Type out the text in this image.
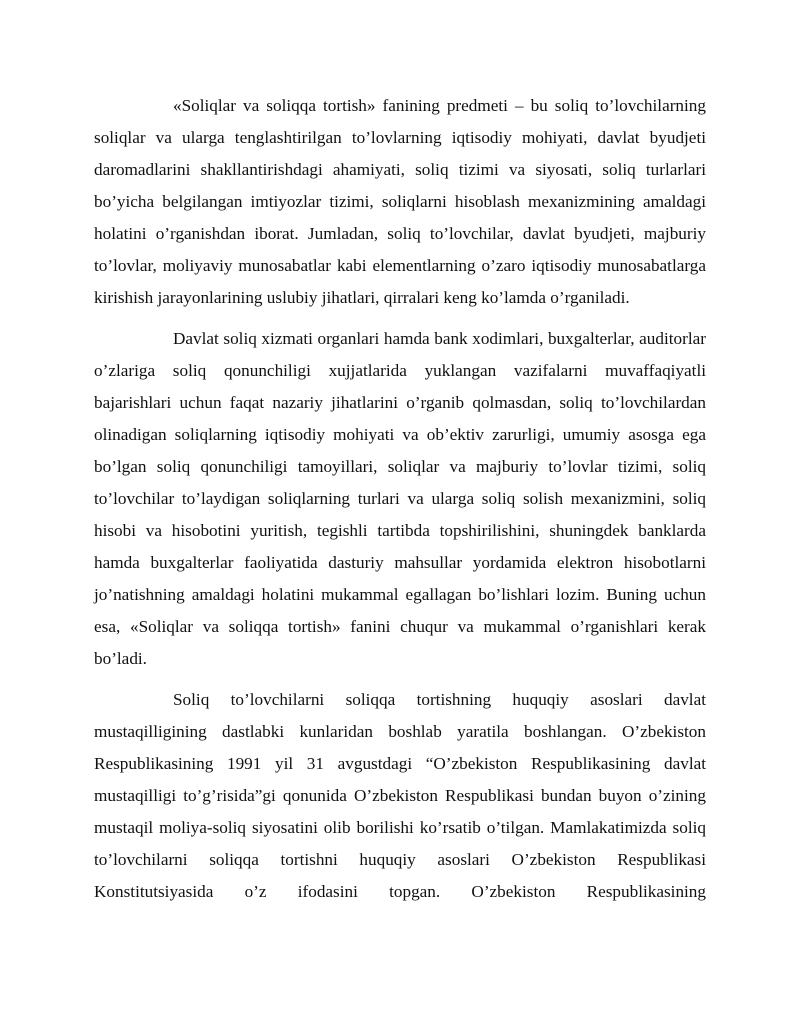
«Soliqlar va soliqqa tortish» fanining predmeti – bu soliq to’lovchilarning soliqlar va ularga tenglashtirilgan to’lovlarning iqtisodiy mohiyati, davlat byudjeti daromadlarini shakllantirishdagi ahamiyati, soliq tizimi va siyosati, soliq turlarlari bo’yicha belgilangan imtiyozlar tizimi, soliqlarni hisoblash mexanizmining amaldagi holatini o’rganishdan iborat. Jumladan, soliq to’lovchilar, davlat byudjeti, majburiy to’lovlar, moliyaviy munosabatlar kabi elementlarning o’zaro iqtisodiy munosabatlarga kirishish jarayonlarining uslubiy jihatlari, qirralari keng ko’lamda o’rganiladi.

Davlat soliq xizmati organlari hamda bank xodimlari, buxgalterlar, auditorlar o’zlariga soliq qonunchiligi xujjatlarida yuklangan vazifalarni muvaffaqiyatli bajarishlari uchun faqat nazariy jihatlarini o’rganib qolmasdan, soliq to’lovchilardan olinadigan soliqlarning iqtisodiy mohiyati va ob’ektiv zarurligi, umumiy asosga ega bo’lgan soliq qonunchiligi tamoyillari, soliqlar va majburiy to’lovlar tizimi, soliq to’lovchilar to’laydigan soliqlarning turlari va ularga soliq solish mexanizmini, soliq hisobi va hisobotini yuritish, tegishli tartibda topshirilishini, shuningdek banklarda hamda buxgalterlar faoliyatida dasturiy mahsullar yordamida elektron hisobotlarni jo’natishning amaldagi holatini mukammal egallagan bo’lishlari lozim. Buning uchun esa, «Soliqlar va soliqqa tortish» fanini chuqur va mukammal o’rganishlari kerak bo’ladi.

Soliq to’lovchilarni soliqqa tortishning huquqiy asoslari davlat mustaqilligining dastlabki kunlaridan boshlab yaratila boshlangan. O’zbekiston Respublikasining 1991 yil 31 avgustdagi “O’zbekiston Respublikasining davlat mustaqilligi to’g’risida”gi qonunida O’zbekiston Respublikasi bundan buyon o’zining mustaqil moliya-soliq siyosatini olib borilishi ko’rsatib o’tilgan. Mamlakatimizda soliq to’lovchilarni soliqqa tortishni huquqiy asoslari O’zbekiston Respublikasi Konstitutsiyasida o’z ifodasini topgan. O’zbekiston Respublikasining
